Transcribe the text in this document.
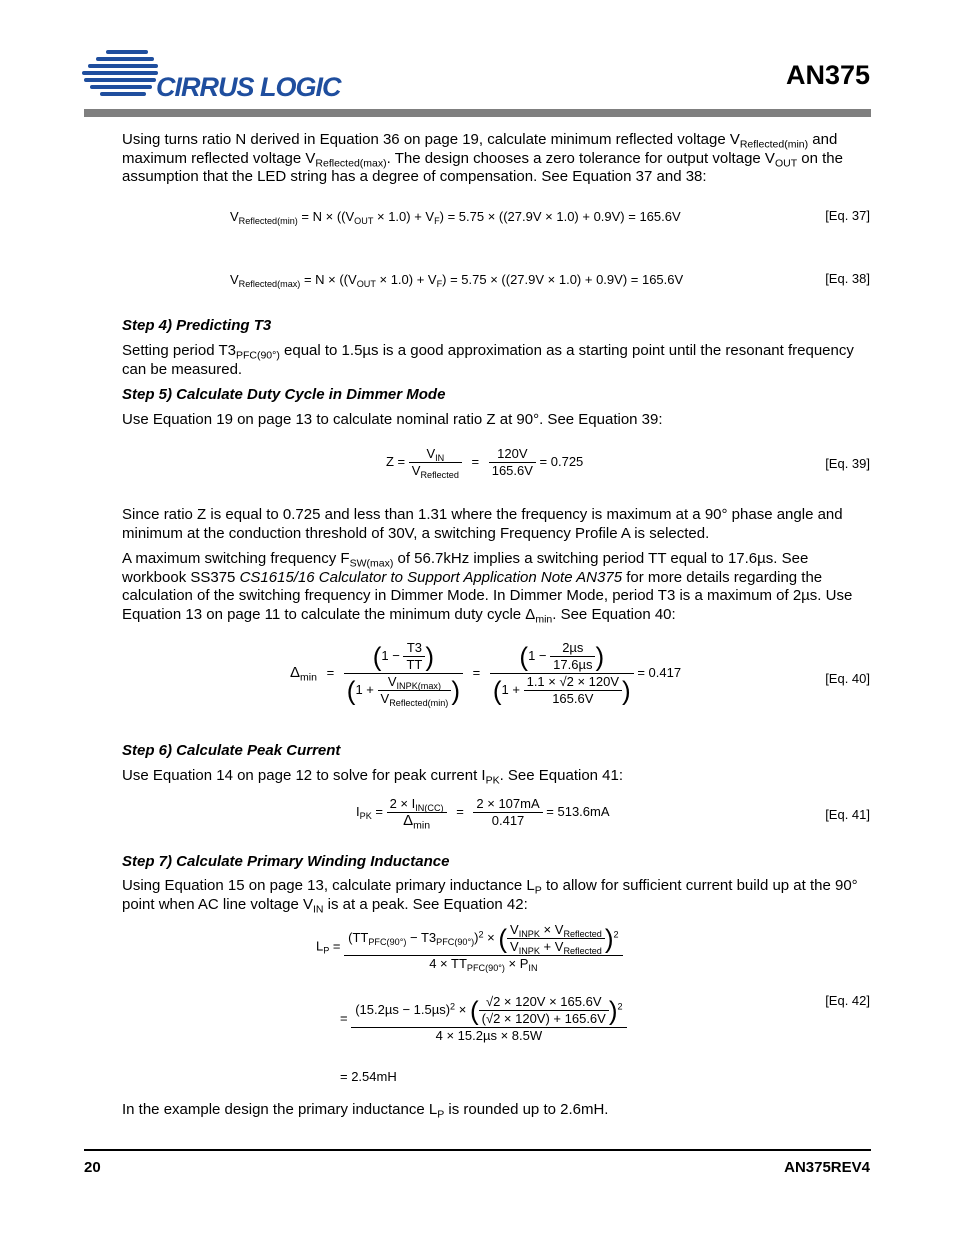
CIRRUS LOGIC	AN375
Using turns ratio N derived in Equation 36 on page 19, calculate minimum reflected voltage $V_{Reflected(min)}$ and maximum reflected voltage $V_{Reflected(max)}$. The design chooses a zero tolerance for output voltage $V_{OUT}$ on the assumption that the LED string has a degree of compensation. See Equation 37 and 38:
$V_{Reflected(min)} = N \times ((V_{OUT} \times 1.0) + V_F) = 5.75 \times ((27.9V \times 1.0) + 0.9V) = 165.6V$	[Eq. 37]
$V_{Reflected(max)} = N \times ((V_{OUT} \times 1.0) + V_F) = 5.75 \times ((27.9V \times 1.0) + 0.9V) = 165.6V$	[Eq. 38]
Step 4) Predicting T3
Setting period $T3_{PFC(90^\circ)}$ equal to 1.5µs is a good approximation as a starting point until the resonant frequency can be measured.
Step 5) Calculate Duty Cycle in Dimmer Mode
Use Equation 19 on page 13 to calculate nominal ratio Z at 90°. See Equation 39:
$Z = \frac{V_{IN}}{V_{Reflected}} = \frac{120V}{165.6V} = 0.725$	[Eq. 39]
Since ratio Z is equal to 0.725 and less than 1.31 where the frequency is maximum at a 90° phase angle and minimum at the conduction threshold of 30V, a switching Frequency Profile A is selected.
A maximum switching frequency $F_{SW(max)}$ of 56.7kHz implies a switching period TT equal to 17.6µs. See workbook SS375 CS1615/16 Calculator to Support Application Note AN375 for more details regarding the calculation of the switching frequency in Dimmer Mode. In Dimmer Mode, period T3 is a maximum of 2µs. Use Equation 13 on page 11 to calculate the minimum duty cycle $\Delta_{min}$. See Equation 40:
$\Delta_{min} = \frac{(1 - \frac{T3}{TT} )}{(1 + \frac{V_{INPK(max)}}{V_{Reflected(min)}} )} = \frac{(1 - \frac{\text{2µs}}{\text{17.6µs}} )}{(1 + \frac{1.1 \times √2 \times 120V}{165.6V} )} = 0.417$	[Eq. 40]
Step 6) Calculate Peak Current
Use Equation 14 on page 12 to solve for peak current $I_{PK}$. See Equation 41:
$I_{PK} = \frac{2 \times I_{IN(CC)}}{\Delta_{min}} = \frac{2 \times 107mA}{0.417} = 513.6mA$	[Eq. 41]
Step 7) Calculate Primary Winding Inductance
Using Equation 15 on page 13, calculate primary inductance $L_P$ to allow for sufficient current build up at the 90° point when AC line voltage $V_{IN}$ is at a peak. See Equation 42:
$L_P$ =
$(TT_{PFC(90^\circ)} - T3_{PFC(90^\circ)})^2$ × ( $\frac{V_{INPK} \times V_{Reflected}}{V_{INPK} + V_{Reflected}} )^2$
$4 \times TT_{PFC(90^\circ)} \times P_{IN}$
=
$(15.2\mu s - 1.5\mu s)^2$ × ( $\frac{√2 \times 120V \times 165.6V}{(√2 \times 120V) + 165.6V} )^2$
4 × 15.2µs × 8.5W
[Eq. 42]
= 2.54mH
In the example design the primary inductance $L_P$ is rounded up to 2.6mH.
20	AN375REV4
